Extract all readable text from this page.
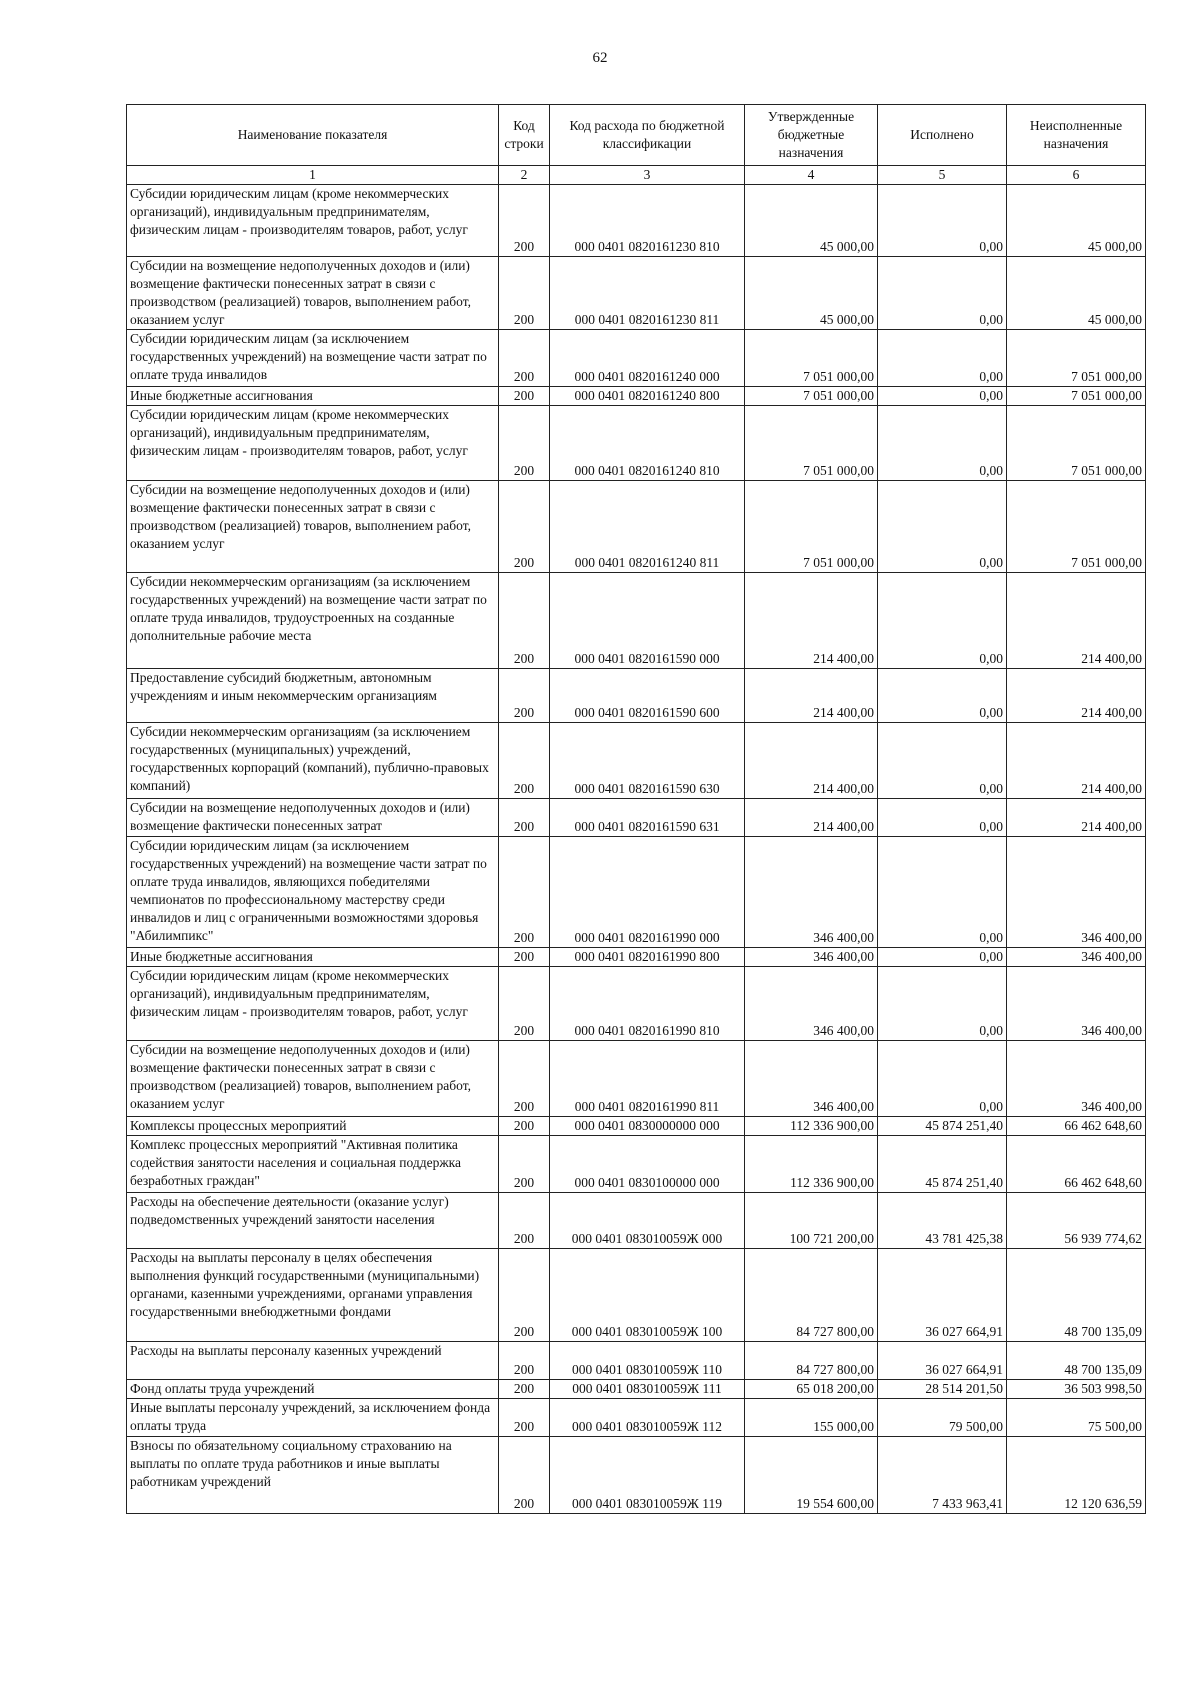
62
Наименование показателя	Код строки	Код расхода по бюджетной классификации	Утвержденные бюджетные назначения	Исполнено	Неисполненные назначения
1	2	3	4	5	6
Субсидии юридическим лицам (кроме некоммерческих организаций), индивидуальным предпринимателям, физическим лицам - производителям товаров, работ, услуг	200	000 0401 0820161230 810	45 000,00	0,00	45 000,00
Субсидии на возмещение недополученных доходов и (или) возмещение фактически понесенных затрат в связи с производством (реализацией) товаров, выполнением работ, оказанием услуг	200	000 0401 0820161230 811	45 000,00	0,00	45 000,00
Субсидии юридическим лицам (за исключением государственных учреждений) на возмещение части затрат по оплате труда инвалидов	200	000 0401 0820161240 000	7 051 000,00	0,00	7 051 000,00
Иные бюджетные ассигнования	200	000 0401 0820161240 800	7 051 000,00	0,00	7 051 000,00
Субсидии юридическим лицам (кроме некоммерческих организаций), индивидуальным предпринимателям, физическим лицам - производителям товаров, работ, услуг	200	000 0401 0820161240 810	7 051 000,00	0,00	7 051 000,00
Субсидии на возмещение недополученных доходов и (или) возмещение фактически понесенных затрат в связи с производством (реализацией) товаров, выполнением работ, оказанием услуг	200	000 0401 0820161240 811	7 051 000,00	0,00	7 051 000,00
Субсидии некоммерческим организациям (за исключением государственных учреждений) на возмещение части затрат по оплате труда инвалидов, трудоустроенных на созданные дополнительные рабочие места	200	000 0401 0820161590 000	214 400,00	0,00	214 400,00
Предоставление субсидий бюджетным, автономным учреждениям и иным некоммерческим организациям	200	000 0401 0820161590 600	214 400,00	0,00	214 400,00
Субсидии некоммерческим организациям (за исключением государственных (муниципальных) учреждений, государственных корпораций (компаний), публично-правовых компаний)	200	000 0401 0820161590 630	214 400,00	0,00	214 400,00
Субсидии на возмещение недополученных доходов и (или) возмещение фактически понесенных затрат	200	000 0401 0820161590 631	214 400,00	0,00	214 400,00
Субсидии юридическим лицам (за исключением государственных учреждений) на возмещение части затрат по оплате труда инвалидов, являющихся победителями чемпионатов по профессиональному мастерству среди инвалидов и лиц с ограниченными возможностями здоровья "Абилимпикс"	200	000 0401 0820161990 000	346 400,00	0,00	346 400,00
Иные бюджетные ассигнования	200	000 0401 0820161990 800	346 400,00	0,00	346 400,00
Субсидии юридическим лицам (кроме некоммерческих организаций), индивидуальным предпринимателям, физическим лицам - производителям товаров, работ, услуг	200	000 0401 0820161990 810	346 400,00	0,00	346 400,00
Субсидии на возмещение недополученных доходов и (или) возмещение фактически понесенных затрат в связи с производством (реализацией) товаров, выполнением работ, оказанием услуг	200	000 0401 0820161990 811	346 400,00	0,00	346 400,00
Комплексы процессных мероприятий	200	000 0401 0830000000 000	112 336 900,00	45 874 251,40	66 462 648,60
Комплекс процессных мероприятий "Активная политика содействия занятости населения и социальная поддержка безработных граждан"	200	000 0401 0830100000 000	112 336 900,00	45 874 251,40	66 462 648,60
Расходы на обеспечение деятельности (оказание услуг) подведомственных учреждений занятости населения	200	000 0401 083010059Ж 000	100 721 200,00	43 781 425,38	56 939 774,62
Расходы на выплаты персоналу в целях обеспечения выполнения функций государственными (муниципальными) органами, казенными учреждениями, органами управления государственными внебюджетными фондами	200	000 0401 083010059Ж 100	84 727 800,00	36 027 664,91	48 700 135,09
Расходы на выплаты персоналу казенных учреждений	200	000 0401 083010059Ж 110	84 727 800,00	36 027 664,91	48 700 135,09
Фонд оплаты труда учреждений	200	000 0401 083010059Ж 111	65 018 200,00	28 514 201,50	36 503 998,50
Иные выплаты персоналу учреждений, за исключением фонда оплаты труда	200	000 0401 083010059Ж 112	155 000,00	79 500,00	75 500,00
Взносы по обязательному социальному страхованию на выплаты по оплате труда работников и иные выплаты работникам учреждений	200	000 0401 083010059Ж 119	19 554 600,00	7 433 963,41	12 120 636,59
